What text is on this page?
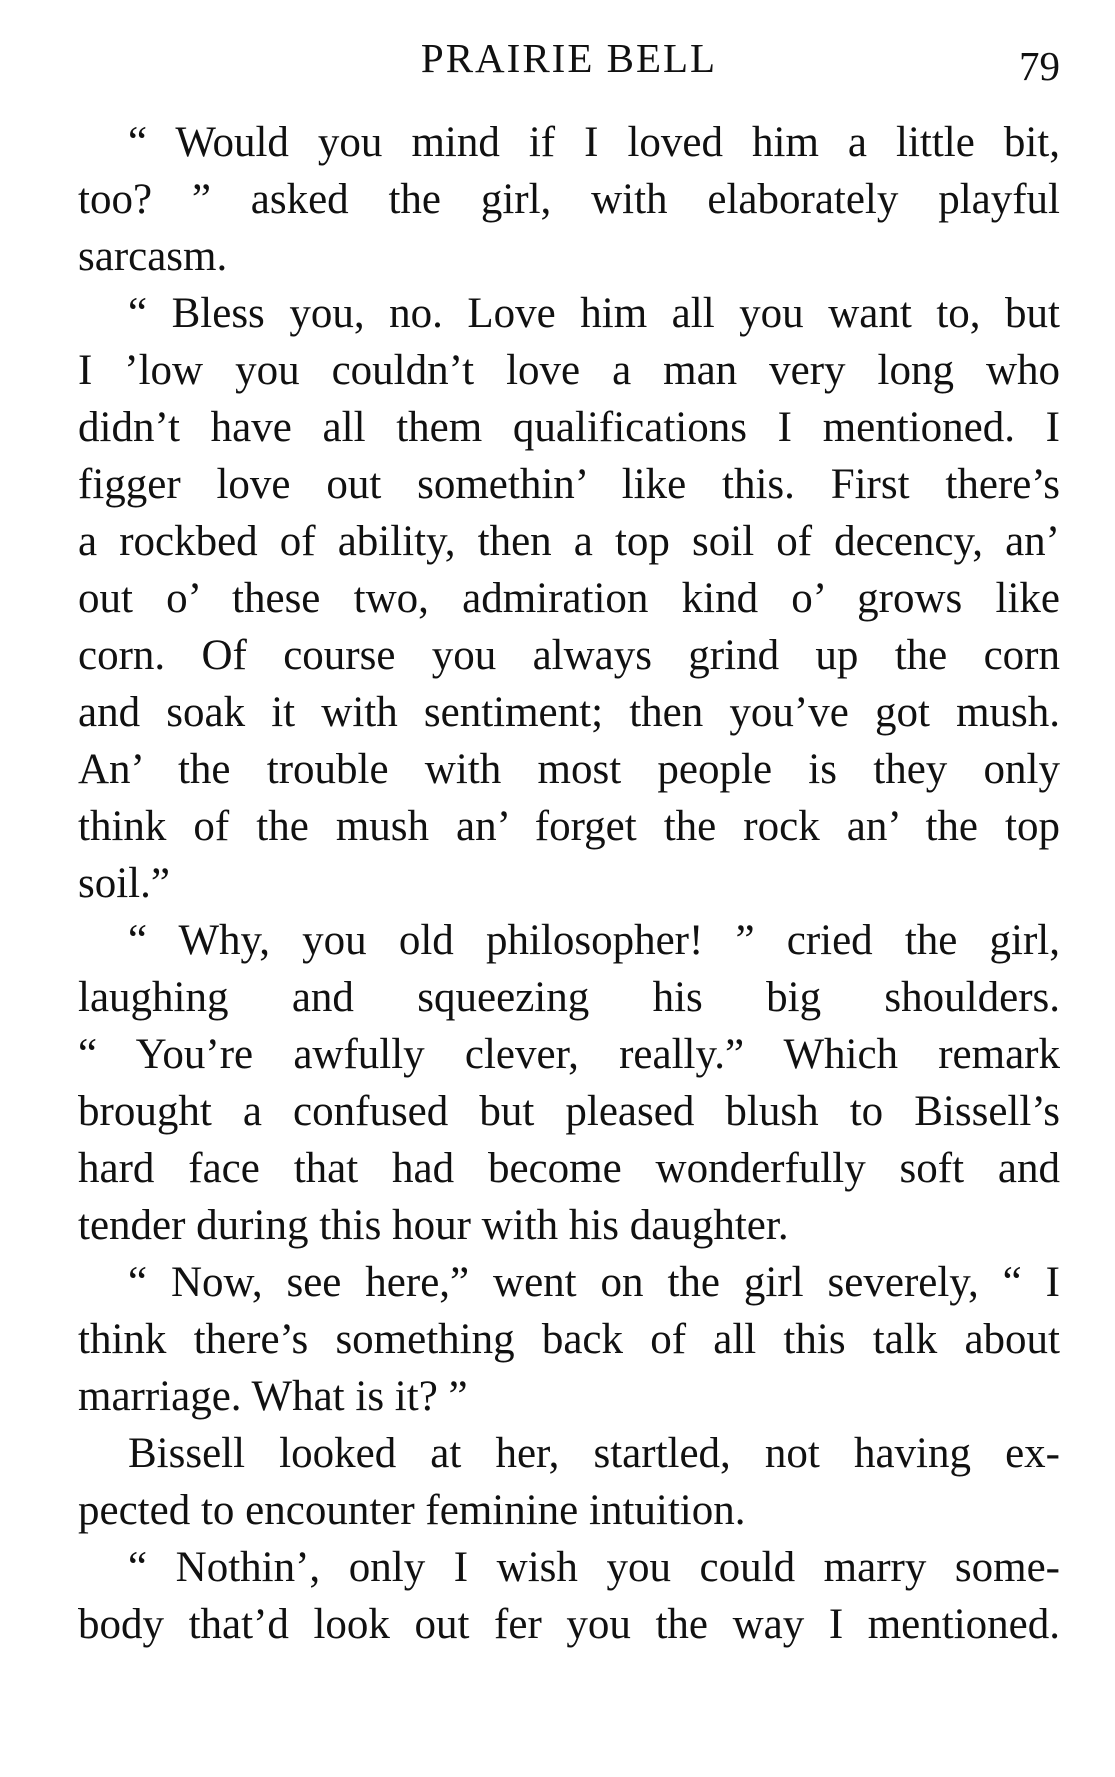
PRAIRIE BELL	79

“ Would you mind if I loved him a little bit,
too? ” asked the girl, with elaborately playful
sarcasm.

“ Bless you, no. Love him all you want to, but
I ’low you couldn’t love a man very long who
didn’t have all them qualifications I mentioned. I
figger love out somethin’ like this. First there’s
a rockbed of ability, then a top soil of decency, an’
out o’ these two, admiration kind o’ grows like
corn. Of course you always grind up the corn
and soak it with sentiment; then you’ve got mush.
An’ the trouble with most people is they only
think of the mush an’ forget the rock an’ the top
soil.”

“ Why, you old philosopher! ” cried the girl,
laughing and squeezing his big shoulders.
“ You’re awfully clever, really.” Which remark
brought a confused but pleased blush to Bissell’s
hard face that had become wonderfully soft and
tender during this hour with his daughter.

“ Now, see here,” went on the girl severely, “ I
think there’s something back of all this talk about
marriage. What is it? ”

Bissell looked at her, startled, not having ex-
pected to encounter feminine intuition.

“ Nothin’, only I wish you could marry some-
body that’d look out fer you the way I mentioned.
